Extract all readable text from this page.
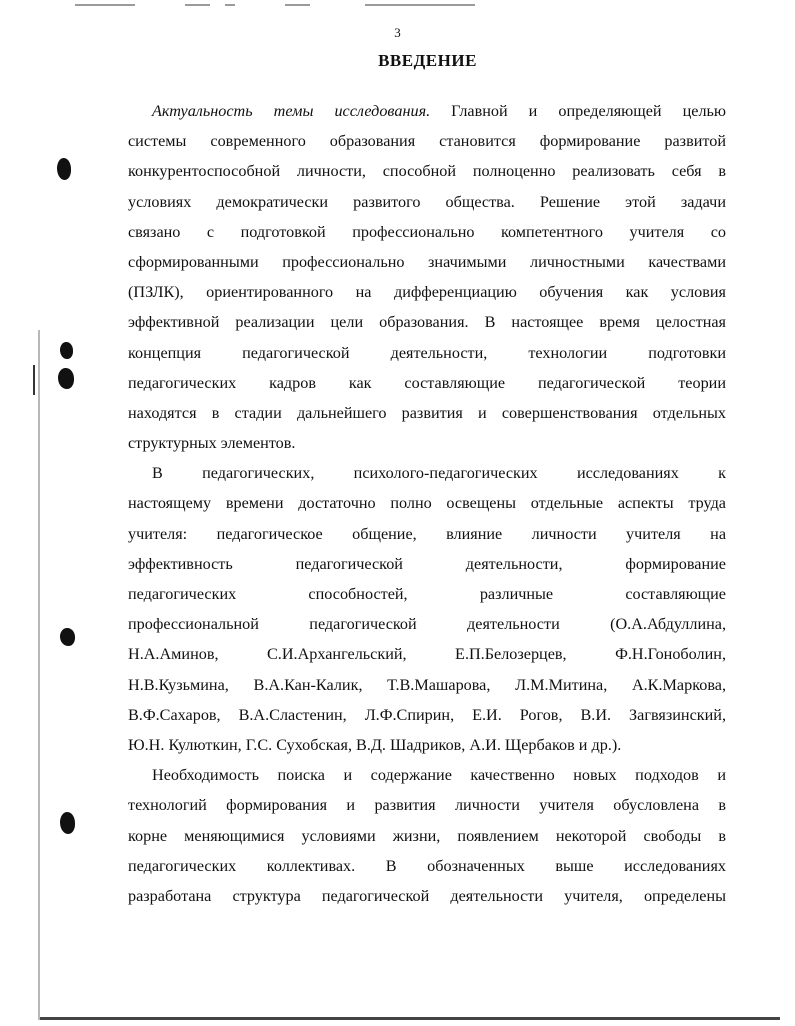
3
ВВЕДЕНИЕ
Актуальность темы исследования. Главной и определяющей целью
системы современного образования становится формирование развитой
конкурентоспособной личности, способной полноценно реализовать себя в
условиях демократически развитого общества. Решение этой задачи
связано с подготовкой профессионально компетентного учителя со
сформированными профессионально значимыми личностными качествами
(ПЗЛК), ориентированного на дифференциацию обучения как условия
эффективной реализации цели образования. В настоящее время целостная
концепция педагогической деятельности, технологии подготовки
педагогических кадров как составляющие педагогической теории
находятся в стадии дальнейшего развития и совершенствования отдельных
структурных элементов.
В педагогических, психолого-педагогических исследованиях к
настоящему времени достаточно полно освещены отдельные аспекты труда
учителя: педагогическое общение, влияние личности учителя на
эффективность педагогической деятельности, формирование
педагогических способностей, различные составляющие
профессиональной педагогической деятельности (О.А.Абдуллина,
Н.А.Аминов, С.И.Архангельский, Е.П.Белозерцев, Ф.Н.Гоноболин,
Н.В.Кузьмина, В.А.Кан-Калик, Т.В.Машарова, Л.М.Митина, А.К.Маркова,
В.Ф.Сахаров, В.А.Сластенин, Л.Ф.Спирин, Е.И. Рогов, В.И. Загвязинский,
Ю.Н. Кулюткин, Г.С. Сухобская, В.Д. Шадриков, А.И. Щербаков и др.).
Необходимость поиска и содержание качественно новых подходов и
технологий формирования и развития личности учителя обусловлена в
корне меняющимися условиями жизни, появлением некоторой свободы в
педагогических коллективах. В обозначенных выше исследованиях
разработана структура педагогической деятельности учителя, определены
